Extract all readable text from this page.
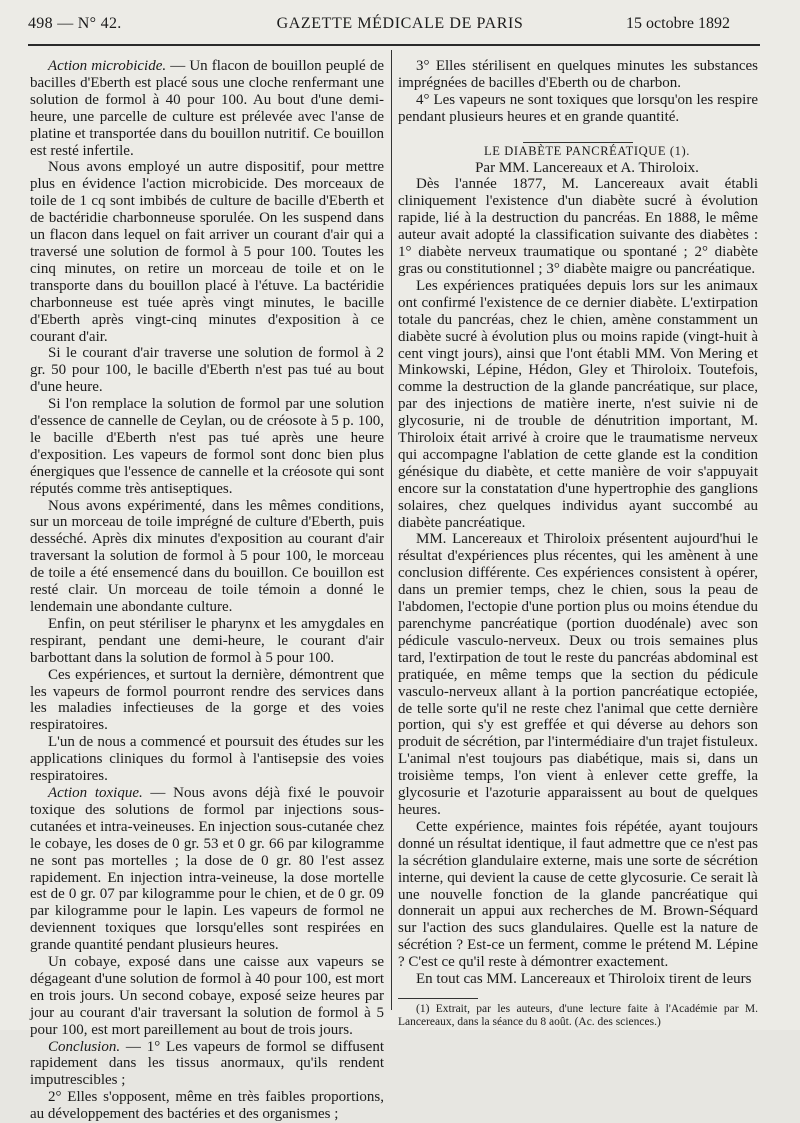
498 — N° 42.	GAZETTE MÉDICALE DE PARIS	15 octobre 1892

Action microbicide. — Un flacon de bouillon peuplé de bacilles d'Eberth est placé sous une cloche renfermant une solution de formol à 40 pour 100. Au bout d'une demi-heure, une parcelle de culture est prélevée avec l'anse de platine et transportée dans du bouillon nutritif. Ce bouillon est resté infertile.

Nous avons employé un autre dispositif, pour mettre plus en évidence l'action microbicide. Des morceaux de toile de 1 cq sont imbibés de culture de bacille d'Eberth et de bactéridie charbonneuse sporulée. On les suspend dans un flacon dans lequel on fait arriver un courant d'air qui a traversé une solution de formol à 5 pour 100. Toutes les cinq minutes, on retire un morceau de toile et on le transporte dans du bouillon placé à l'étuve. La bactéridie charbonneuse est tuée après vingt minutes, le bacille d'Eberth après vingt-cinq minutes d'exposition à ce courant d'air.

Si le courant d'air traverse une solution de formol à 2 gr. 50 pour 100, le bacille d'Eberth n'est pas tué au bout d'une heure.

Si l'on remplace la solution de formol par une solution d'essence de cannelle de Ceylan, ou de créosote à 5 p. 100, le bacille d'Eberth n'est pas tué après une heure d'exposition. Les vapeurs de formol sont donc bien plus énergiques que l'essence de cannelle et la créosote qui sont réputés comme très antiseptiques.

Nous avons expérimenté, dans les mêmes conditions, sur un morceau de toile imprégné de culture d'Eberth, puis desséché. Après dix minutes d'exposition au courant d'air traversant la solution de formol à 5 pour 100, le morceau de toile a été ensemencé dans du bouillon. Ce bouillon est resté clair. Un morceau de toile témoin a donné le lendemain une abondante culture.

Enfin, on peut stériliser le pharynx et les amygdales en respirant, pendant une demi-heure, le courant d'air barbottant dans la solution de formol à 5 pour 100.

Ces expériences, et surtout la dernière, démontrent que les vapeurs de formol pourront rendre des services dans les maladies infectieuses de la gorge et des voies respiratoires.

L'un de nous a commencé et poursuit des études sur les applications cliniques du formol à l'antisepsie des voies respiratoires.

Action toxique. — Nous avons déjà fixé le pouvoir toxique des solutions de formol par injections sous-cutanées et intra-veineuses. En injection sous-cutanée chez le cobaye, les doses de 0 gr. 53 et 0 gr. 66 par kilogramme ne sont pas mortelles ; la dose de 0 gr. 80 l'est assez rapidement. En injection intra-veineuse, la dose mortelle est de 0 gr. 07 par kilogramme pour le chien, et de 0 gr. 09 par kilogramme pour le lapin. Les vapeurs de formol ne deviennent toxiques que lorsqu'elles sont respirées en grande quantité pendant plusieurs heures.

Un cobaye, exposé dans une caisse aux vapeurs se dégageant d'une solution de formol à 40 pour 100, est mort en trois jours. Un second cobaye, exposé seize heures par jour au courant d'air traversant la solution de formol à 5 pour 100, est mort pareillement au bout de trois jours.

Conclusion. — 1° Les vapeurs de formol se diffusent rapidement dans les tissus anormaux, qu'ils rendent imputrescibles ;

2° Elles s'opposent, même en très faibles proportions, au développement des bactéries et des organismes ;

3° Elles stérilisent en quelques minutes les substances imprégnées de bacilles d'Eberth ou de charbon.

4° Les vapeurs ne sont toxiques que lorsqu'on les respire pendant plusieurs heures et en grande quantité.

LE DIABÈTE PANCRÉATIQUE (1).

Par MM. Lancereaux et A. Thiroloix.

Dès l'année 1877, M. Lancereaux avait établi cliniquement l'existence d'un diabète sucré à évolution rapide, lié à la destruction du pancréas. En 1888, le même auteur avait adopté la classification suivante des diabètes : 1° diabète nerveux traumatique ou spontané ; 2° diabète gras ou constitutionnel ; 3° diabète maigre ou pancréatique.

Les expériences pratiquées depuis lors sur les animaux ont confirmé l'existence de ce dernier diabète. L'extirpation totale du pancréas, chez le chien, amène constamment un diabète sucré à évolution plus ou moins rapide (vingt-huit à cent vingt jours), ainsi que l'ont établi MM. Von Mering et Minkowski, Lépine, Hédon, Gley et Thiroloix. Toutefois, comme la destruction de la glande pancréatique, sur place, par des injections de matière inerte, n'est suivie ni de glycosurie, ni de trouble de dénutrition important, M. Thiroloix était arrivé à croire que le traumatisme nerveux qui accompagne l'ablation de cette glande est la condition génésique du diabète, et cette manière de voir s'appuyait encore sur la constatation d'une hypertrophie des ganglions solaires, chez quelques individus ayant succombé au diabète pancréatique.

MM. Lancereaux et Thiroloix présentent aujourd'hui le résultat d'expériences plus récentes, qui les amènent à une conclusion différente. Ces expériences consistent à opérer, dans un premier temps, chez le chien, sous la peau de l'abdomen, l'ectopie d'une portion plus ou moins étendue du parenchyme pancréatique (portion duodénale) avec son pédicule vasculo-nerveux. Deux ou trois semaines plus tard, l'extirpation de tout le reste du pancréas abdominal est pratiquée, en même temps que la section du pédicule vasculo-nerveux allant à la portion pancréatique ectopiée, de telle sorte qu'il ne reste chez l'animal que cette dernière portion, qui s'y est greffée et qui déverse au dehors son produit de sécrétion, par l'intermédiaire d'un trajet fistuleux. L'animal n'est toujours pas diabétique, mais si, dans un troisième temps, l'on vient à enlever cette greffe, la glycosurie et l'azoturie apparaissent au bout de quelques heures.

Cette expérience, maintes fois répétée, ayant toujours donné un résultat identique, il faut admettre que ce n'est pas la sécrétion glandulaire externe, mais une sorte de sécrétion interne, qui devient la cause de cette glycosurie. Ce serait là une nouvelle fonction de la glande pancréatique qui donnerait un appui aux recherches de M. Brown-Séquard sur l'action des sucs glandulaires. Quelle est la nature de sécrétion ? Est-ce un ferment, comme le prétend M. Lépine ? C'est ce qu'il reste à démontrer exactement.

En tout cas MM. Lancereaux et Thiroloix tirent de leurs

(1) Extrait, par les auteurs, d'une lecture faite à l'Académie par M. Lancereaux, dans la séance du 8 août. (Ac. des sciences.)
